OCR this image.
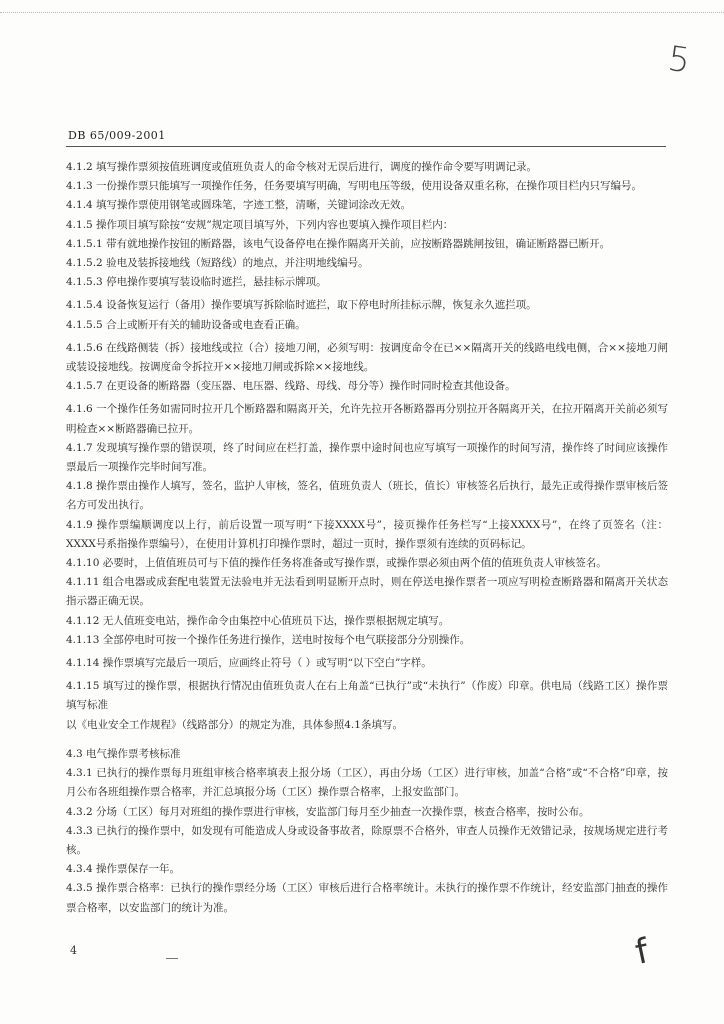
5
DB 65/009-2001

4.1.2 填写操作票须按值班调度或值班负责人的命令核对无误后进行，调度的操作命令要写明调记录。

4.1.3 一份操作票只能填写一项操作任务，任务要填写明确，写明电压等级，使用设备双重名称，在操作项目栏内只写编号。

4.1.4 填写操作票使用钢笔或圆珠笔，字迹工整，清晰，关键词涂改无效。

4.1.5 操作项目填写除按“安规”规定项目填写外，下列内容也要填入操作项目栏内：

4.1.5.1 带有就地操作按钮的断路器，该电气设备停电在操作隔离开关前，应按断路器跳闸按钮，确证断路器已断开。

4.1.5.2 验电及装拆接地线（短路线）的地点，并注明地线编号。

4.1.5.3 停电操作要填写装设临时遮拦，悬挂标示牌项。

4.1.5.4 设备恢复运行（备用）操作要填写拆除临时遮拦，取下停电时所挂标示牌，恢复永久遮拦项。

4.1.5.5 合上或断开有关的辅助设备或电查看正确。

4.1.5.6 在线路侧装（拆）接地线或拉（合）接地刀闸，必须写明：按调度命令在已××隔离开关的线路电线电侧，合××接地刀闸或装设接地线。按调度命令拆拉开××接地刀闸或拆除××接地线。

4.1.5.7 在更设备的断路器（变压器、电压器、线路、母线、母分等）操作时同时检查其他设备。

4.1.6 一个操作任务如需同时拉开几个断路器和隔离开关，允许先拉开各断路器再分别拉开各隔离开关，在拉开隔离开关前必须写明检查××断路器确已拉开。

4.1.7 发现填写操作票的错误项，终了时间应在栏打盖，操作票中途时间也应写填写一项操作的时间写清，操作终了时间应该操作票最后一项操作完毕时间写准。

4.1.8 操作票由操作人填写，签名，监护人审核，签名，值班负责人（班长，值长）审核签名后执行，最先正或得操作票审核后签名方可发出执行。

4.1.9 操作票编顺调度以上行，前后设置一项写明“下接XXXX号”，接页操作任务栏写“上接XXXX号”，在终了页签名（注：XXXX号系指操作票编号），在使用计算机打印操作票时，超过一页时，操作票须有连续的页码标记。

4.1.10 必要时，上值值班员可与下值的操作任务将准备或写操作票，或操作票必须由两个值的值班负责人审核签名。

4.1.11 组合电器或成套配电装置无法验电并无法看到明显断开点时，则在停送电操作票者一项应写明检查断路器和隔离开关状态指示器正确无误。

4.1.12 无人值班变电站，操作命令由集控中心值班员下达，操作票根据规定填写。

4.1.13 全部停电时可按一个操作任务进行操作，送电时按每个电气联接部分分别操作。

4.1.14 操作票填写完最后一项后，应画终止符号（ ）或写明“以下空白”字样。

4.1.15 填写过的操作票，根据执行情况由值班负责人在右上角盖“已执行”或“未执行”（作废）印章。供电局（线路工区）操作票填写标准

以《电业安全工作规程》（线路部分）的规定为准，具体参照4.1条填写。

4.3 电气操作票考核标准

4.3.1 已执行的操作票每月班组审核合格率填表上报分场（工区），再由分场（工区）进行审核，加盖“合格”或“不合格”印章，按月公布各班组操作票合格率，并汇总填报分场（工区）操作票合格率，上报安监部门。

4.3.2 分场（工区）每月对班组的操作票进行审核，安监部门每月至少抽查一次操作票，核查合格率，按时公布。

4.3.3 已执行的操作票中，如发现有可能造成人身或设备事故者，除原票不合格外，审查人员操作无效错记录，按规场规定进行考核。

4.3.4 操作票保存一年。

4.3.5 操作票合格率：已执行的操作票经分场（工区）审核后进行合格率统计。未执行的操作票不作统计，经安监部门抽查的操作票合格率，以安监部门的统计为准。

4	f
